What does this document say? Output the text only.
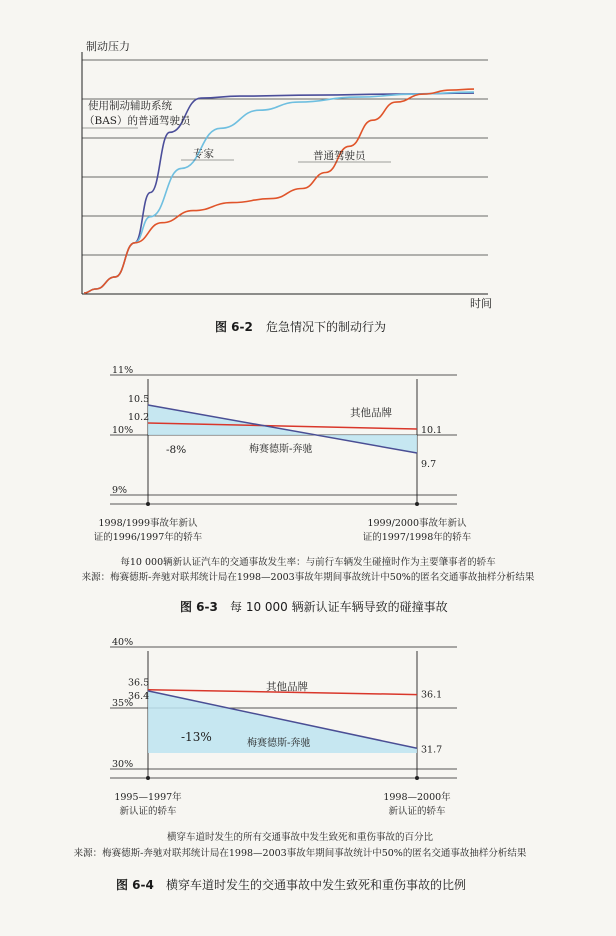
制动压力
时间
使用制动辅助系统
（BAS）的普通驾驶员
专家	普通驾驶员
图 6-2 危急情况下的制动行为
11%
10%
9%
10.2
10.1
10.5
9.7
其他品牌
梅赛德斯-奔驰
-8%
1998/1999事故年新认
证的1996/1997年的轿车
1999/2000事故年新认
证的1997/1998年的轿车
每10 000辆新认证汽车的交通事故发生率：与前行车辆发生碰撞时作为主要肇事者的轿车
来源：梅赛德斯-奔驰对联邦统计局在1998—2003事故年期间事故统计中50%的匿名交通事故抽样分析结果
图 6-3 每 10 000 辆新认证车辆导致的碰撞事故
40%
35%
30%
36.5
36.1
36.4
31.7
其他品牌
梅赛德斯-奔驰
-13%
1995—1997年
新认证的轿车
1998—2000年
新认证的轿车
横穿车道时发生的所有交通事故中发生致死和重伤事故的百分比
来源：梅赛德斯-奔驰对联邦统计局在1998—2003事故年期间事故统计中50%的匿名交通事故抽样分析结果
图 6-4 横穿车道时发生的交通事故中发生致死和重伤事故的比例
